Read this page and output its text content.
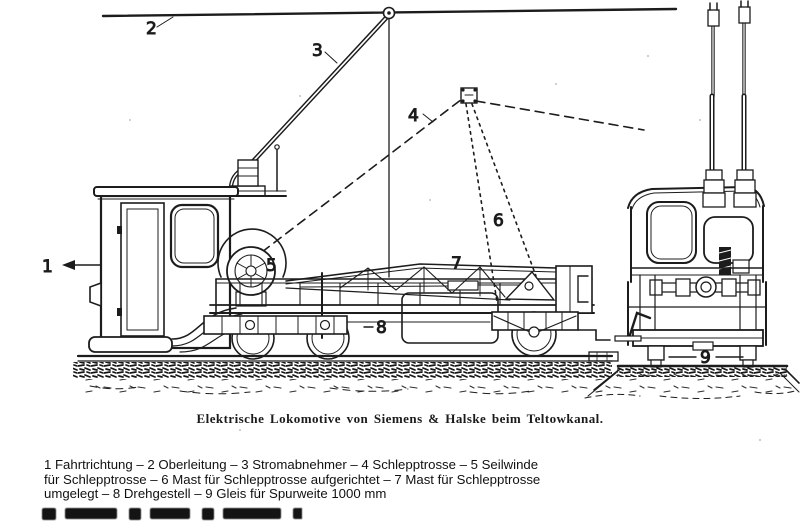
1
2
3
4
5
6
7
8
9
Elektrische Lokomotive von Siemens & Halske beim Teltowkanal.
1 Fahrtrichtung – 2 Oberleitung – 3 Stromabnehmer – 4 Schlepptrosse – 5 Seilwinde
für Schlepptrosse – 6 Mast für Schlepptrosse aufgerichtet – 7 Mast für Schlepptrosse
umgelegt – 8 Drehgestell – 9 Gleis für Spurweite 1000 mm
